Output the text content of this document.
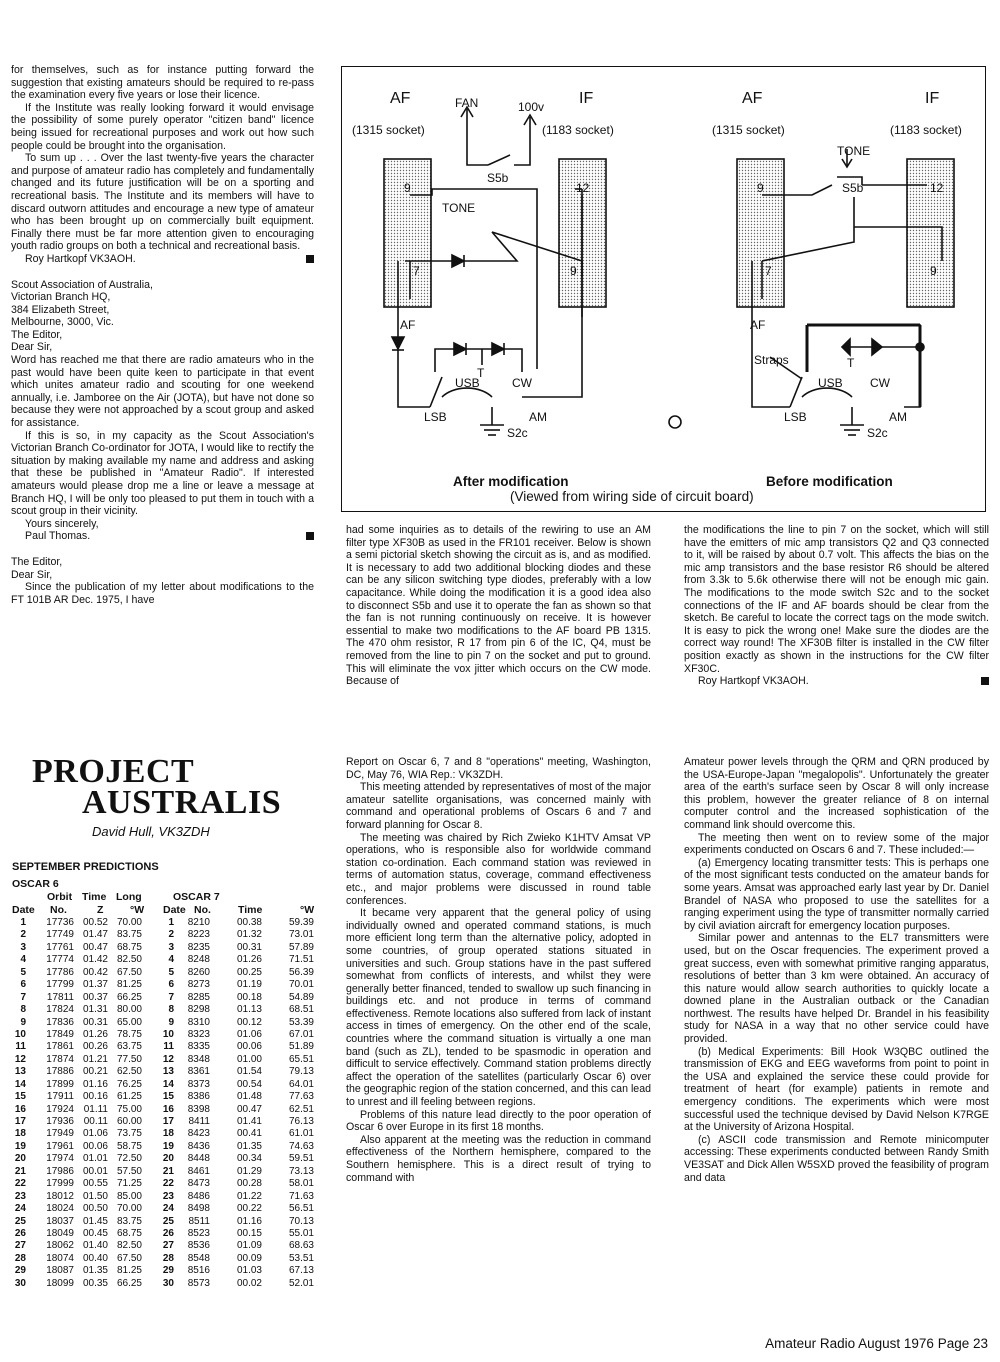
for themselves, such as for instance putting forward the suggestion that existing amateurs should be required to re-pass the examination every five years or lose their licence.

If the Institute was really looking forward it would envisage the possibility of some purely operator "citizen band" licence being issued for recreational purposes and work out how such people could be brought into the organisation.

To sum up . . . Over the last twenty-five years the character and purpose of amateur radio has completely and fundamentally changed and its future justification will be on a sporting and recreational basis. The Institute and its members will have to discard outworn attitudes and encourage a new type of amateur who has been brought up on commercially built equipment. Finally there must be far more attention given to encouraging youth radio groups on both a technical and recreational basis.

Roy Hartkopf VK3AOH.

Scout Association of Australia,

Victorian Branch HQ,

384 Elizabeth Street,

Melbourne, 3000, Vic.

The Editor,

Dear Sir,

Word has reached me that there are radio amateurs who in the past would have been quite keen to participate in that event which unites amateur radio and scouting for one weekend annually, i.e. Jamboree on the Air (JOTA), but have not done so because they were not approached by a scout group and asked for assistance.

If this is so, in my capacity as the Scout Association's Victorian Branch Co-ordinator for JOTA, I would like to rectify the situation by making available my name and address and asking that these be published in "Amateur Radio". If interested amateurs would please drop me a line or leave a message at Branch HQ, I will be only too pleased to put them in touch with a scout group in their vicinity.

Yours sincerely,

Paul Thomas.

The Editor,

Dear Sir,

Since the publication of my letter about modifications to the FT 101B AR Dec. 1975, I have

AF	IF	AF	IF
(1315 socket)	(1183 socket)	(1315 socket)	(1183 socket)
FAN	100v
S5b
TONE
9
7
12
9
AF
T
USB	CW
LSB	AM
S2c
TONE
S5b
9
7
12
9
AF
T
Straps
USB CW
LSB	AM
S2c
After modification	Before modification
(Viewed from wiring side of circuit board)

had some inquiries as to details of the rewiring to use an AM filter type XF30B as used in the FR101 receiver. Below is shown a semi pictorial sketch showing the circuit as is, and as modified. It is necessary to add two additional blocking diodes and these can be any silicon switching type diodes, preferably with a low capacitance. While doing the modification it is a good idea also to disconnect S5b and use it to operate the fan as shown so that the fan is not running continuously on receive. It is however essential to make two modifications to the AF board PB 1315. The 470 ohm resistor, R 17 from pin 6 of the IC, Q4, must be removed from the line to pin 7 on the socket and put to ground. This will eliminate the vox jitter which occurs on the CW mode. Because of

the modifications the line to pin 7 on the socket, which will still have the emitters of mic amp transistors Q2 and Q3 connected to it, will be raised by about 0.7 volt. This affects the bias on the mic amp transistors and the base resistor R6 should be altered from 3.3k to 5.6k otherwise there will not be enough mic gain. The modifications to the mode switch S2c and to the socket connections of the IF and AF boards should be clear from the sketch. Be careful to locate the correct tags on the mode switch. It is easy to pick the wrong one! Make sure the diodes are the correct way round! The XF30B filter is installed in the CW filter position exactly as shown in the instructions for the CW filter XF30C.

Roy Hartkopf VK3AOH.

PROJECT
AUSTRALIS
David Hull, VK3ZDH
SEPTEMBER PREDICTIONS
OSCAR 6
OSCAR 7
Orbit Time Long
Date No.	Z	°W Date No.	Time	°W
1 17736 00.52 70.00	1 8210	00.38	59.39
2 17749 01.47 83.75	2 8223	01.32	73.01
3 17761 00.47 68.75	3 8235	00.31	57.89
4 17774 01.42 82.50	4 8248	01.26	71.51
5 17786 00.42 67.50	5 8260	00.25	56.39
6 17799 01.37 81.25	6 8273	01.19	70.01
7 17811 00.37 66.25	7 8285	00.18	54.89
8 17824 01.31 80.00	8 8298	01.13	68.51
9 17836 00.31 65.00	9 8310	00.12	53.39
10 17849 01.26 78.75 10 8323	01.06	67.01
11 17861 00.26 63.75 11 8335	00.06	51.89
12 17874 01.21 77.50 12 8348	01.00	65.51
13 17886 00.21 62.50 13 8361	01.54	79.13
14 17899 01.16 76.25 14 8373	00.54	64.01
15 17911 00.16 61.25 15 8386	01.48	77.63
16 17924 01.11 75.00 16 8398	00.47	62.51
17 17936 00.11 60.00 17 8411	01.41	76.13
18 17949 01.06 73.75 18 8423	00.41	61.01
19 17961 00.06 58.75 19 8436	01.35	74.63
20 17974 01.01 72.50 20 8448	00.34	59.51
21 17986 00.01 57.50 21 8461	01.29	73.13
22 17999 00.55 71.25 22 8473	00.28	58.01
23 18012 01.50 85.00 23 8486	01.22	71.63
24 18024 00.50 70.00 24 8498	00.22	56.51
25 18037 01.45 83.75 25 8511	01.16	70.13
26 18049 00.45 68.75 26 8523	00.15	55.01
27 18062 01.40 82.50 27 8536	01.09	68.63
28 18074 00.40 67.50 28 8548	00.09	53.51
29 18087 01.35 81.25 29 8516	01.03	67.13
30 18099 00.35 66.25 30 8573	00.02	52.01

Report on Oscar 6, 7 and 8 "operations" meeting, Washington, DC, May 76, WIA Rep.: VK3ZDH.

This meeting attended by representatives of most of the major amateur satellite organisations, was concerned mainly with command and operational problems of Oscars 6 and 7 and forward planning for Oscar 8.

The meeting was chaired by Rich Zwieko K1HTV Amsat VP operations, who is responsible also for worldwide command station co-ordination. Each command station was reviewed in terms of automation status, coverage, command effectiveness etc., and major problems were discussed in round table conferences.

It became very apparent that the general policy of using individually owned and operated command stations, is much more efficient long term than the alternative policy, adopted in some countries, of group operated stations situated in universities and such. Group stations have in the past suffered somewhat from conflicts of interests, and whilst they were generally better financed, tended to swallow up such financing in buildings etc. and not produce in terms of command effectiveness. Remote locations also suffered from lack of instant access in times of emergency. On the other end of the scale, countries where the command situation is virtually a one man band (such as ZL), tended to be spasmodic in operation and difficult to service effectively. Command station problems directly affect the operation of the satellites (particularly Oscar 6) over the geographic region of the station concerned, and this can lead to unrest and ill feeling between regions.

Problems of this nature lead directly to the poor operation of Oscar 6 over Europe in its first 18 months.

Also apparent at the meeting was the reduction in command effectiveness of the Northern hemisphere, compared to the Southern hemisphere. This is a direct result of trying to command with

Amateur power levels through the QRM and QRN produced by the USA-Europe-Japan "megalopolis". Unfortunately the greater area of the earth's surface seen by Oscar 8 will only increase this problem, however the greater reliance of 8 on internal computer control and the increased sophistication of the command link should overcome this.

The meeting then went on to review some of the major experiments conducted on Oscars 6 and 7. These included:—

(a) Emergency locating transmitter tests: This is perhaps one of the most significant tests conducted on the amateur bands for some years. Amsat was approached early last year by Dr. Daniel Brandel of NASA who proposed to use the satellites for a ranging experiment using the type of transmitter normally carried by civil aviation aircraft for emergency location purposes.

Similar power and antennas to the EL7 transmitters were used, but on the Oscar frequencies. The experiment proved a great success, even with somewhat primitive ranging apparatus, resolutions of better than 3 km were obtained. An accuracy of this nature would allow search authorities to quickly locate a downed plane in the Australian outback or the Canadian northwest. The results have helped Dr. Brandel in his feasibility study for NASA in a way that no other service could have provided.

(b) Medical Experiments: Bill Hook W3QBC outlined the transmission of EKG and EEG waveforms from point to point in the USA and explained the service these could provide for treatment of heart (for example) patients in remote and emergency conditions. The experiments which were most successful used the technique devised by David Nelson K7RGE at the University of Arizona Hospital.

(c) ASCII code transmission and Remote minicomputer accessing: These experiments conducted between Randy Smith VE3SAT and Dick Allen W5SXD proved the feasibility of program and data

Amateur Radio August 1976 Page 23
